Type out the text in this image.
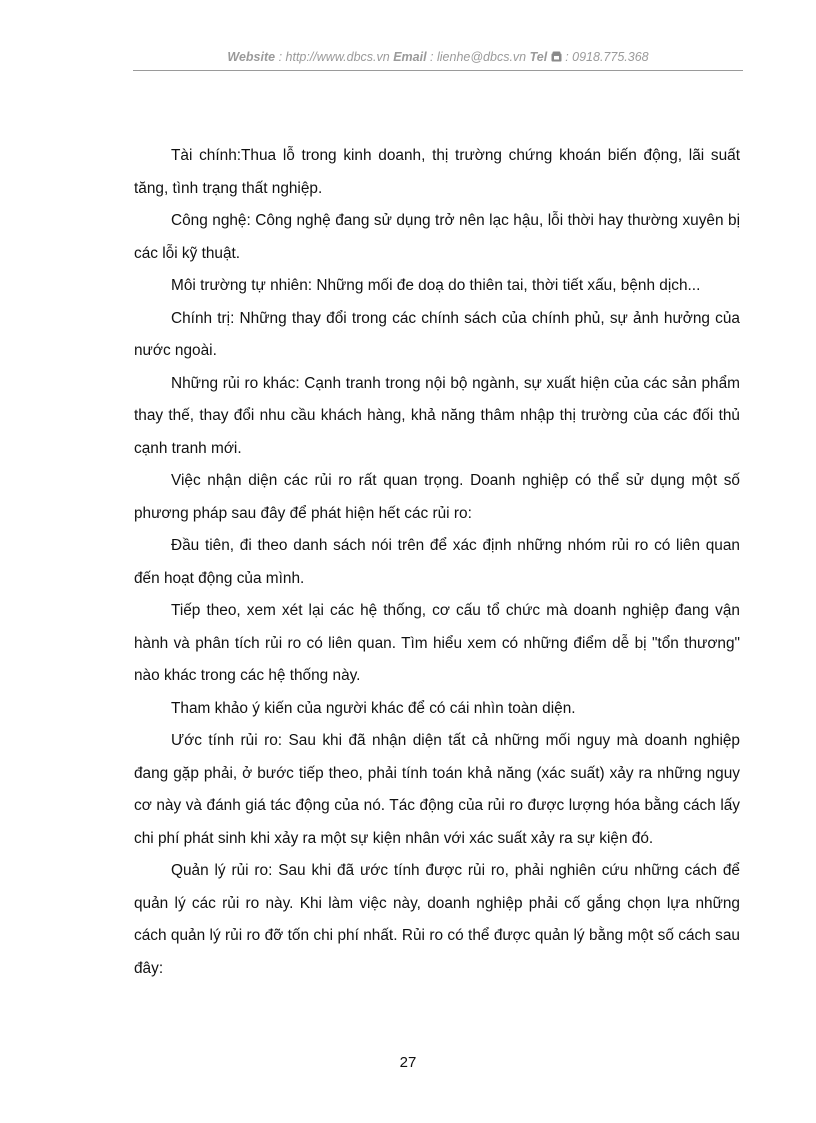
Website : http://www.dbcs.vn Email : lienhe@dbcs.vn Tel  : 0918.775.368

Tài chính:Thua lỗ trong kinh doanh, thị trường chứng khoán biến động, lãi suất tăng, tình trạng thất nghiệp.

Công nghệ: Công nghệ đang sử dụng trở nên lạc hậu, lỗi thời hay thường xuyên bị các lỗi kỹ thuật.

Môi trường tự nhiên: Những mối đe doạ do thiên tai, thời tiết xấu, bệnh dịch...

Chính trị: Những thay đổi trong các chính sách của chính phủ, sự ảnh hưởng của nước ngoài.

Những rủi ro khác: Cạnh tranh trong nội bộ ngành, sự xuất hiện của các sản phẩm thay thế, thay đổi nhu cầu khách hàng, khả năng thâm nhập thị trường của các đối thủ cạnh tranh mới.

Việc nhận diện các rủi ro rất quan trọng. Doanh nghiệp có thể sử dụng một số phương pháp sau đây để phát hiện hết các rủi ro:

Đầu tiên, đi theo danh sách nói trên để xác định những nhóm rủi ro có liên quan đến hoạt động của mình.

Tiếp theo, xem xét lại các hệ thống, cơ cấu tổ chức mà doanh nghiệp đang vận hành và phân tích rủi ro có liên quan. Tìm hiểu xem có những điểm dễ bị "tổn thương" nào khác trong các hệ thống này.

Tham khảo ý kiến của người khác để có cái nhìn toàn diện.

Ước tính rủi ro: Sau khi đã nhận diện tất cả những mối nguy mà doanh nghiệp đang gặp phải, ở bước tiếp theo, phải tính toán khả năng (xác suất) xảy ra những nguy cơ này và đánh giá tác động của nó. Tác động của rủi ro được lượng hóa bằng cách lấy chi phí phát sinh khi xảy ra một sự kiện nhân với xác suất xảy ra sự kiện đó.

Quản lý rủi ro: Sau khi đã ước tính được rủi ro, phải nghiên cứu những cách để quản lý các rủi ro này. Khi làm việc này, doanh nghiệp phải cố gắng chọn lựa những cách quản lý rủi ro đỡ tốn chi phí nhất. Rủi ro có thể được quản lý bằng một số cách sau đây:

27
